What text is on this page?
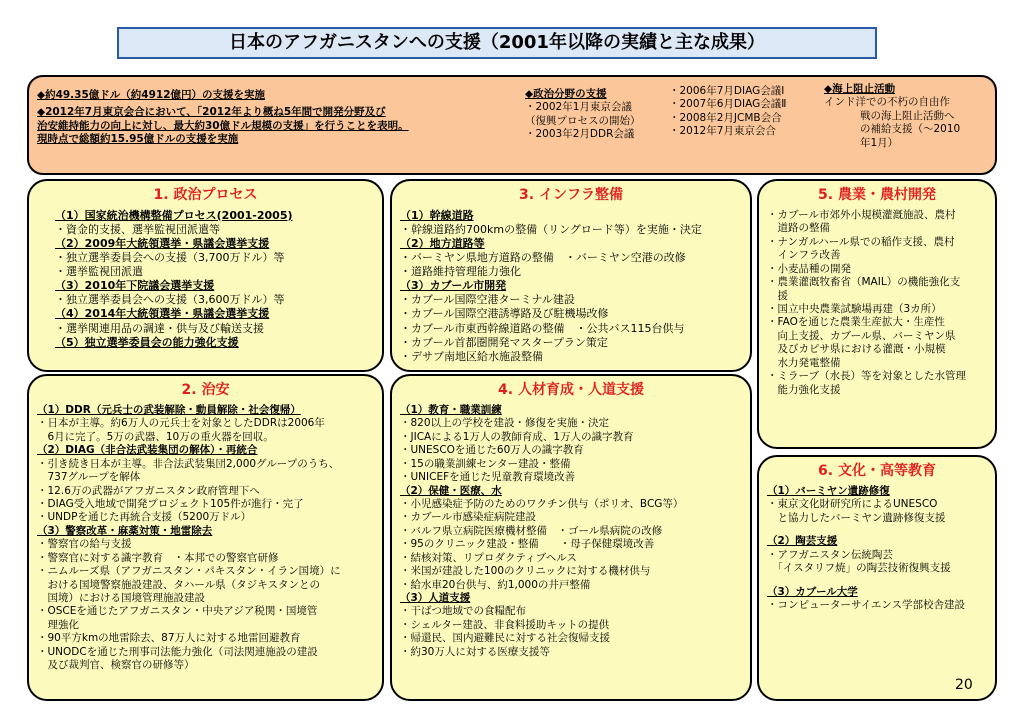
日本のアフガニスタンへの支援（2001年以降の実績と主な成果）
◆約49.35億ドル（約4912億円）の支援を実施
◆2012年7月東京会合において、「2012年より概ね5年間で開発分野及び
治安維持能力の向上に対し、最大約30億ドル規模の支援」を行うことを表明。
現時点で総額約15.95億ドルの支援を実施
◆政治分野の支援
・2002年1月東京会議
（復興プロセスの開始）
・2003年2月DDR会議
・2006年7月DIAG会議Ⅰ
・2007年6月DIAG会議Ⅱ
・2008年2月JCMB会合
・2012年7月東京会合
◆海上阻止活動
インド洋での不朽の自由作
戦の海上阻止活動へ
の補給支援（～2010
年1月）
1. 政治プロセス
（1）国家統治機構整備プロセス(2001-2005)
・資金的支援、選挙監視団派遣等
（2）2009年大統領選挙・県議会選挙支援
・独立選挙委員会への支援（3,700万ドル）等
・選挙監視団派遣
（3）2010年下院議会選挙支援
・独立選挙委員会への支援（3,600万ドル）等
（4）2014年大統領選挙・県議会選挙支援
・選挙関連用品の調達・供与及び輸送支援
（5）独立選挙委員会の能力強化支援
2. 治安
（1）DDR（元兵士の武装解除・動員解除・社会復帰）
・日本が主導。約6万人の元兵士を対象としたDDRは2006年
　6月に完了。5万の武器、10万の重火器を回収。
（2）DIAG（非合法武装集団の解体）・再統合
・引き続き日本が主導。非合法武装集団2,000グループのうち、
　737グループを解体
・12.6万の武器がアフガニスタン政府管理下へ
・DIAG受入地域で開発プロジェクト105件が進行・完了
・UNDPを通じた再統合支援（5200万ドル）
（3）警察改革・麻薬対策・地雷除去
・警察官の給与支援
・警察官に対する識字教育　・本邦での警察官研修
・ニムルーズ県（アフガニスタン・パキスタン・イラン国境）に
　おける国境警察施設建設、タハール県（タジキスタンとの
　国境）における国境管理施設建設
・OSCEを通じたアフガニスタン・中央アジア税関・国境管
　理強化
・90平方kmの地雷除去、87万人に対する地雷回避教育
・UNODCを通じた刑事司法能力強化（司法関連施設の建設
　及び裁判官、検察官の研修等）
3. インフラ整備
（1）幹線道路
・幹線道路約700kmの整備（リングロード等）を実施・決定
（2）地方道路等
・バーミヤン県地方道路の整備　・バーミヤン空港の改修
・道路維持管理能力強化
（3）カブール市開発
・カブール国際空港ターミナル建設
・カブール国際空港誘導路及び駐機場改修
・カブール市東西幹線道路の整備　・公共バス115台供与
・カブール首都圏開発マスタープラン策定
・デサブ南地区給水施設整備
4. 人材育成・人道支援
（1）教育・職業訓練
・820以上の学校を建設・修復を実施・決定
・JICAによる1万人の教師育成、1万人の識字教育
・UNESCOを通じた60万人の識字教育
・15の職業訓練センター建設・整備
・UNICEFを通じた児童教育環境改善
（2）保健・医療、水
・小児感染症予防のためのワクチン供与（ポリオ、BCG等）
・カブール市感染症病院建設
・バルフ県立病院医療機材整備　・ゴール県病院の改修
・95のクリニック建設・整備　　・母子保健環境改善
・結核対策、リプロダクティブヘルス
・米国が建設した100のクリニックに対する機材供与
・給水車20台供与、約1,000の井戸整備
（3）人道支援
・干ばつ地域での食糧配布
・シェルター建設、非食料援助キットの提供
・帰還民、国内避難民に対する社会復帰支援
・約30万人に対する医療支援等
5. 農業・農村開発
・カブール市郊外小規模灌漑施設、農村
　道路の整備
・ナンガルハール県での稲作支援、農村
　インフラ改善
・小麦品種の開発
・農業灌漑牧畜省（MAIL）の機能強化支
　援
・国立中央農業試験場再建（3カ所）
・FAOを通じた農業生産拡大・生産性
　向上支援、カブール県、バーミヤン県
　及びカピサ県における灌漑・小規模
　水力発電整備
・ミラーブ（水長）等を対象とした水管理
　能力強化支援
6. 文化・高等教育
（1）バーミヤン遺跡修復
・東京文化財研究所によるUNESCO
　と協力したバーミヤン遺跡修復支援
（2）陶芸支援
・アフガニスタン伝統陶芸
　「イスタリフ焼」の陶芸技術復興支援
（3）カブール大学
・コンピューターサイエンス学部校舎建設
20
